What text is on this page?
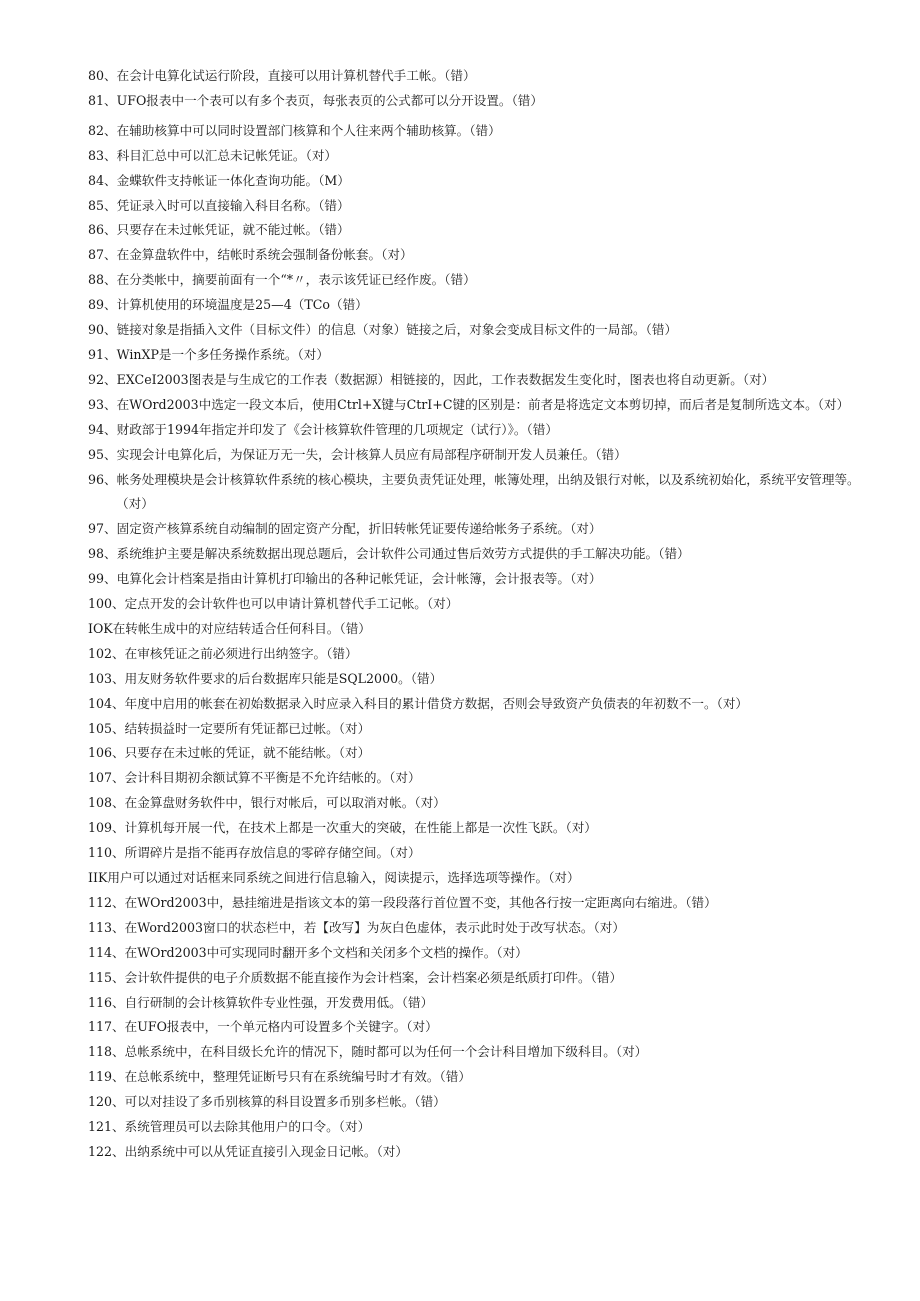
80、在会计电算化试运行阶段，直接可以用计算机替代手工帐。（错）
81、UFO报表中一个表可以有多个表页，每张表页的公式都可以分开设置。（错）
82、在辅助核算中可以同时设置部门核算和个人往来两个辅助核算。（错）
83、科目汇总中可以汇总未记帐凭证。（对）
84、金蝶软件支持帐证一体化查询功能。（M）
85、凭证录入时可以直接输入科目名称。（错）
86、只要存在未过帐凭证，就不能过帐。（错）
87、在金算盘软件中，结帐时系统会强制备份帐套。（对）
88、在分类帐中，摘要前面有一个“*〃，表示该凭证已经作废。（错）
89、计算机使用的环境温度是25—4（TCo（错）
90、链接对象是指插入文件（目标文件）的信息（对象）链接之后，对象会变成目标文件的一局部。（错）
91、WinXP是一个多任务操作系统。（对）
92、EXCeI2003图表是与生成它的工作表（数据源）相链接的，因此，工作表数据发生变化时，图表也将自动更新。（对）
93、在WOrd2003中选定一段文本后，使用Ctrl+X键与CtrI+C键的区别是：前者是将选定文本剪切掉，而后者是复制所选文本。（对）
94、财政部于1994年指定并印发了《会计核算软件管理的几项规定（试行）》。（错）
95、实现会计电算化后，为保证万无一失，会计核算人员应有局部程序研制开发人员兼任。（错）
96、帐务处理模块是会计核算软件系统的核心模块，主要负责凭证处理，帐簿处理，出纳及银行对帐，以及系统初始化，系统平安管理等。（对）
97、固定资产核算系统自动编制的固定资产分配，折旧转帐凭证要传递给帐务子系统。（对）
98、系统维护主要是解决系统数据出现总题后，会计软件公司通过售后效劳方式提供的手工解决功能。（错）
99、电算化会计档案是指由计算机打印输出的各种记帐凭证，会计帐簿，会计报表等。（对）
100、定点开发的会计软件也可以申请计算机替代手工记帐。（对）
IOK在转帐生成中的对应结转适合任何科目。（错）
102、在审核凭证之前必须进行出纳签字。（错）
103、用友财务软件要求的后台数据库只能是SQL2000。（错）
104、年度中启用的帐套在初始数据录入时应录入科目的累计借贷方数据，否则会导致资产负债表的年初数不一。（对）
105、结转损益时一定要所有凭证都已过帐。（对）
106、只要存在未过帐的凭证，就不能结帐。（对）
107、会计科目期初余额试算不平衡是不允许结帐的。（对）
108、在金算盘财务软件中，银行对帐后，可以取消对帐。（对）
109、计算机每开展一代，在技术上都是一次重大的突破，在性能上都是一次性飞跃。（对）
110、所谓碎片是指不能再存放信息的零碎存储空间。（对）
IIK用户可以通过对话框来同系统之间进行信息输入，阅读提示，选择选项等操作。（对）
112、在WOrd2003中，悬挂缩进是指该文本的第一段段落行首位置不变，其他各行按一定距离向右缩进。（错）
113、在Word2003窗口的状态栏中，若【改写】为灰白色虚体，表示此时处于改写状态。（对）
114、在WOrd2003中可实现同时翻开多个文档和关闭多个文档的操作。（对）
115、会计软件提供的电子介质数据不能直接作为会计档案，会计档案必须是纸质打印件。（错）
116、自行研制的会计核算软件专业性强，开发费用低。（错）
117、在UFO报表中，一个单元格内可设置多个关键字。（对）
118、总帐系统中，在科目级长允许的情况下，随时都可以为任何一个会计科目增加下级科目。（对）
119、在总帐系统中，整理凭证断号只有在系统编号时才有效。（错）
120、可以对挂设了多币别核算的科目设置多币别多栏帐。（错）
121、系统管理员可以去除其他用户的口令。（对）
122、出纳系统中可以从凭证直接引入现金日记帐。（对）
